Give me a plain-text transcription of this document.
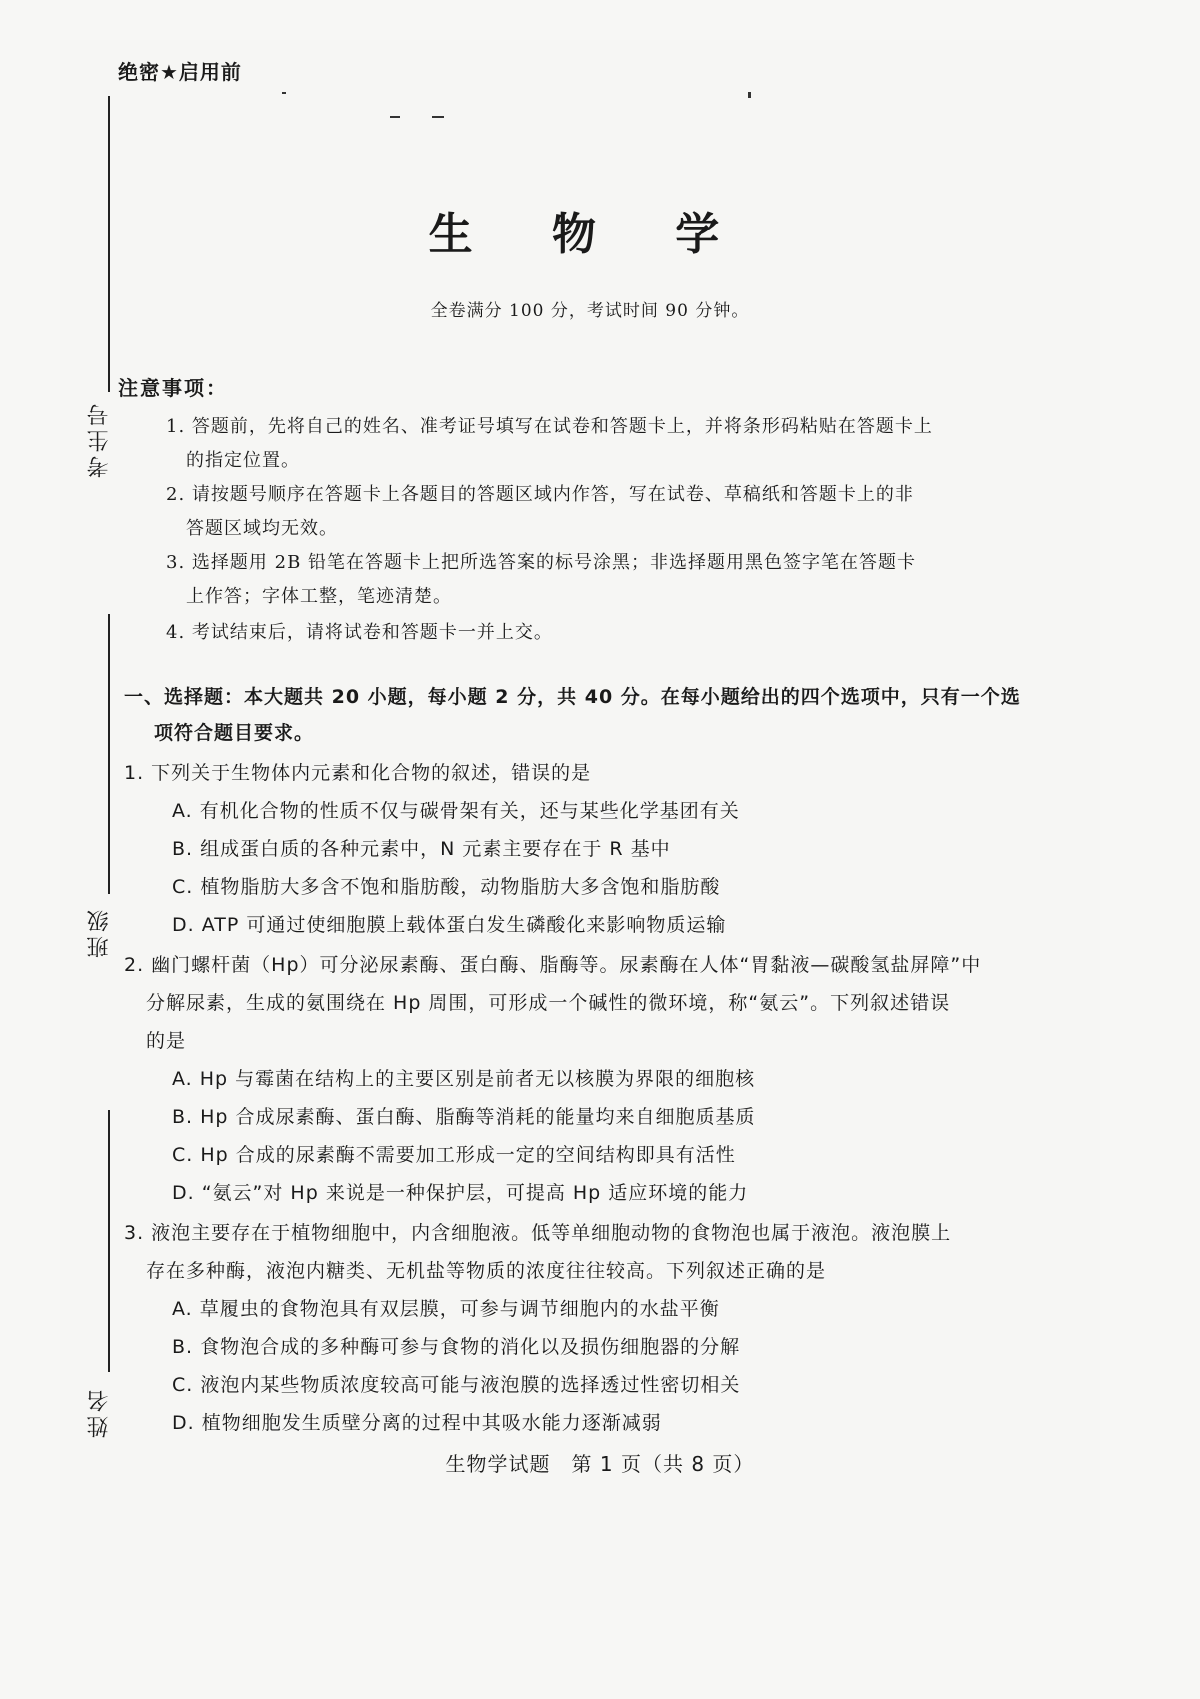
绝密★启用前
考生号
班级
姓名
生 物 学
全卷满分 100 分，考试时间 90 分钟。
注意事项：
1. 答题前，先将自己的姓名、准考证号填写在试卷和答题卡上，并将条形码粘贴在答题卡上
的指定位置。
2. 请按题号顺序在答题卡上各题目的答题区域内作答，写在试卷、草稿纸和答题卡上的非
答题区域均无效。
3. 选择题用 2B 铅笔在答题卡上把所选答案的标号涂黑；非选择题用黑色签字笔在答题卡
上作答；字体工整，笔迹清楚。
4. 考试结束后，请将试卷和答题卡一并上交。
一、选择题：本大题共 20 小题，每小题 2 分，共 40 分。在每小题给出的四个选项中，只有一个选
项符合题目要求。
1. 下列关于生物体内元素和化合物的叙述，错误的是
A. 有机化合物的性质不仅与碳骨架有关，还与某些化学基团有关
B. 组成蛋白质的各种元素中，N 元素主要存在于 R 基中
C. 植物脂肪大多含不饱和脂肪酸，动物脂肪大多含饱和脂肪酸
D. ATP 可通过使细胞膜上载体蛋白发生磷酸化来影响物质运输
2. 幽门螺杆菌（Hp）可分泌尿素酶、蛋白酶、脂酶等。尿素酶在人体“胃黏液—碳酸氢盐屏障”中
分解尿素，生成的氨围绕在 Hp 周围，可形成一个碱性的微环境，称“氨云”。下列叙述错误
的是
A. Hp 与霉菌在结构上的主要区别是前者无以核膜为界限的细胞核
B. Hp 合成尿素酶、蛋白酶、脂酶等消耗的能量均来自细胞质基质
C. Hp 合成的尿素酶不需要加工形成一定的空间结构即具有活性
D. “氨云”对 Hp 来说是一种保护层，可提高 Hp 适应环境的能力
3. 液泡主要存在于植物细胞中，内含细胞液。低等单细胞动物的食物泡也属于液泡。液泡膜上
存在多种酶，液泡内糖类、无机盐等物质的浓度往往较高。下列叙述正确的是
A. 草履虫的食物泡具有双层膜，可参与调节细胞内的水盐平衡
B. 食物泡合成的多种酶可参与食物的消化以及损伤细胞器的分解
C. 液泡内某些物质浓度较高可能与液泡膜的选择透过性密切相关
D. 植物细胞发生质壁分离的过程中其吸水能力逐渐减弱
生物学试题　第 1 页（共 8 页）
